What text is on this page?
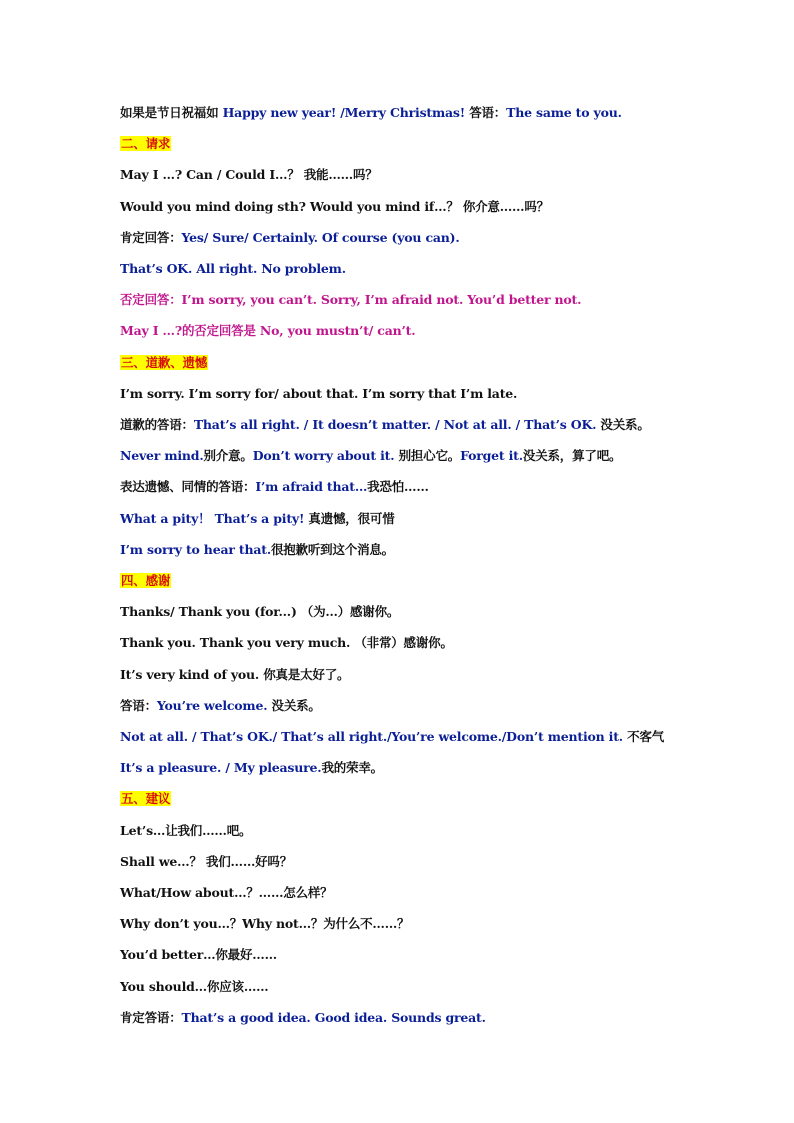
如果是节日祝福如 Happy new year! /Merry Christmas! 答语：The same to you.

二、请求

May I …? Can / Could I…？ 我能……吗？

Would you mind doing sth? Would you mind if…？ 你介意……吗？

肯定回答：Yes/ Sure/ Certainly. Of course (you can).

That’s OK. All right. No problem.

否定回答：I’m sorry, you can’t. Sorry, I’m afraid not. You’d better not.

May I …?的否定回答是 No, you mustn’t/ can’t.

三、道歉、遗憾

I’m sorry. I’m sorry for/ about that. I’m sorry that I’m late.

道歉的答语：That’s all right. / It doesn’t matter. / Not at all. / That’s OK. 没关系。

Never mind.别介意。Don’t worry about it. 别担心它。Forget it.没关系，算了吧。

表达遗憾、同情的答语：I’m afraid that…我恐怕……

What a pity！ That’s a pity! 真遗憾，很可惜

I’m sorry to hear that.很抱歉听到这个消息。

四、感谢

Thanks/ Thank you (for...) （为…）感谢你。

Thank you. Thank you very much. （非常）感谢你。

It’s very kind of you. 你真是太好了。

答语：You’re welcome. 没关系。

Not at all. / That’s OK./ That’s all right./You’re welcome./Don’t mention it. 不客气

It’s a pleasure. / My pleasure.我的荣幸。

五、建议

Let’s…让我们……吧。

Shall we…？ 我们……好吗？

What/How about…？……怎么样？

Why don’t you…？Why not…？为什么不……？

You’d better…你最好……

You should…你应该……

肯定答语：That’s a good idea. Good idea. Sounds great.
